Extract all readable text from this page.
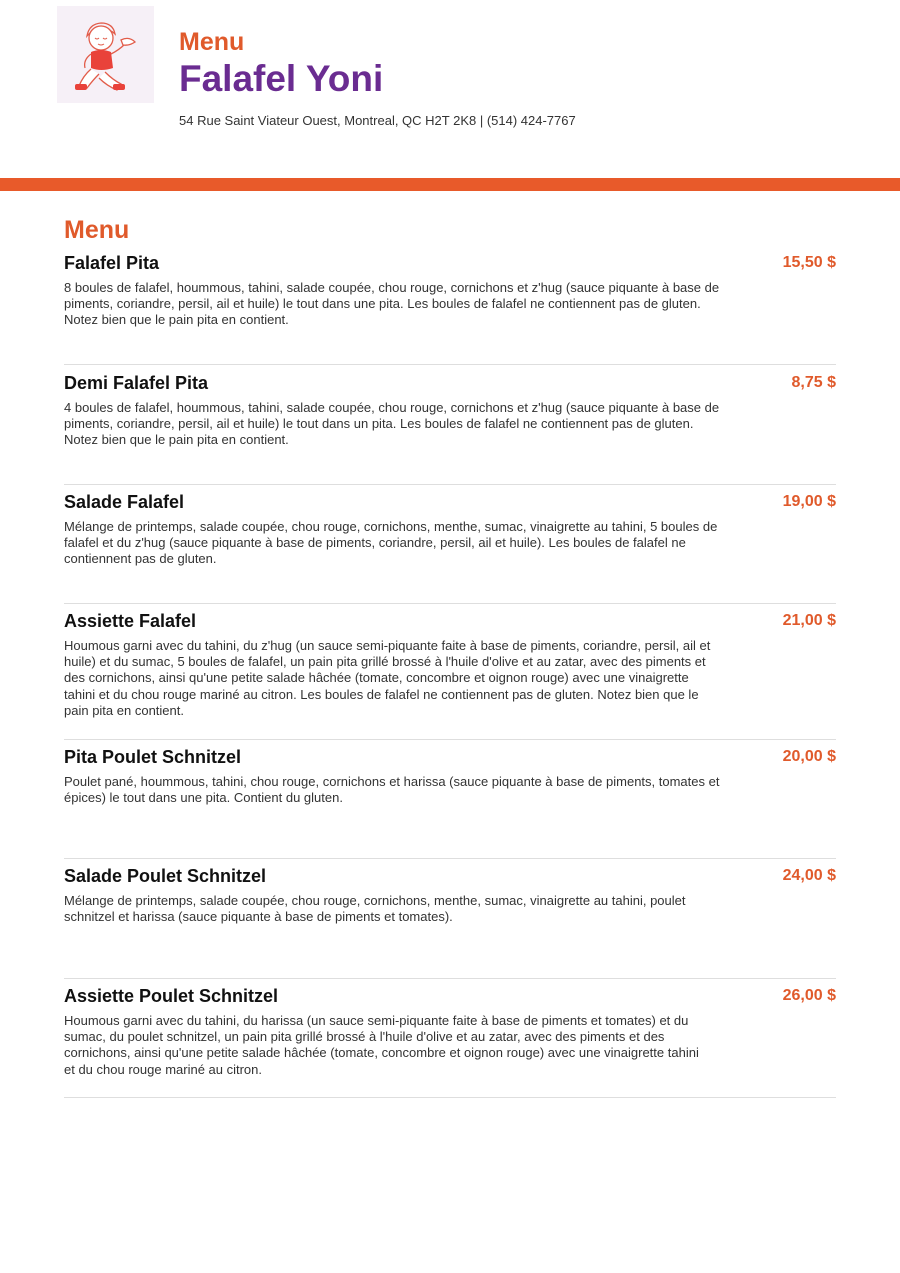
Menu
Falafel Yoni
54 Rue Saint Viateur Ouest, Montreal, QC H2T 2K8 | (514) 424-7767
Menu
Falafel Pita	15,50 $

8 boules de falafel, hoummous, tahini, salade coupée, chou rouge, cornichons et z'hug (sauce piquante à base de piments, coriandre, persil, ail et huile) le tout dans une pita. Les boules de falafel ne contiennent pas de gluten. Notez bien que le pain pita en contient.

Demi Falafel Pita	8,75 $

4 boules de falafel, hoummous, tahini, salade coupée, chou rouge, cornichons et z'hug (sauce piquante à base de piments, coriandre, persil, ail et huile) le tout dans un pita. Les boules de falafel ne contiennent pas de gluten. Notez bien que le pain pita en contient.

Salade Falafel	19,00 $

Mélange de printemps, salade coupée, chou rouge, cornichons, menthe, sumac, vinaigrette au tahini, 5 boules de falafel et du z'hug (sauce piquante à base de piments, coriandre, persil, ail et huile). Les boules de falafel ne contiennent pas de gluten.

Assiette Falafel	21,00 $

Houmous garni avec du tahini, du z'hug (un sauce semi-piquante faite à base de piments, coriandre, persil, ail et huile) et du sumac, 5 boules de falafel, un pain pita grillé brossé à l'huile d'olive et au zatar, avec des piments et des cornichons, ainsi qu'une petite salade hâchée (tomate, concombre et oignon rouge) avec une vinaigrette tahini et du chou rouge mariné au citron. Les boules de falafel ne contiennent pas de gluten. Notez bien que le pain pita en contient.

Pita Poulet Schnitzel	20,00 $

Poulet pané, hoummous, tahini, chou rouge, cornichons et harissa (sauce piquante à base de piments, tomates et épices) le tout dans une pita. Contient du gluten.

Salade Poulet Schnitzel	24,00 $

Mélange de printemps, salade coupée, chou rouge, cornichons, menthe, sumac, vinaigrette au tahini, poulet schnitzel et harissa (sauce piquante à base de piments et tomates).

Assiette Poulet Schnitzel	26,00 $

Houmous garni avec du tahini, du harissa (un sauce semi-piquante faite à base de piments et tomates) et du sumac, du poulet schnitzel, un pain pita grillé brossé à l'huile d'olive et au zatar, avec des piments et des cornichons, ainsi qu'une petite salade hâchée (tomate, concombre et oignon rouge) avec une vinaigrette tahini et du chou rouge mariné au citron.
